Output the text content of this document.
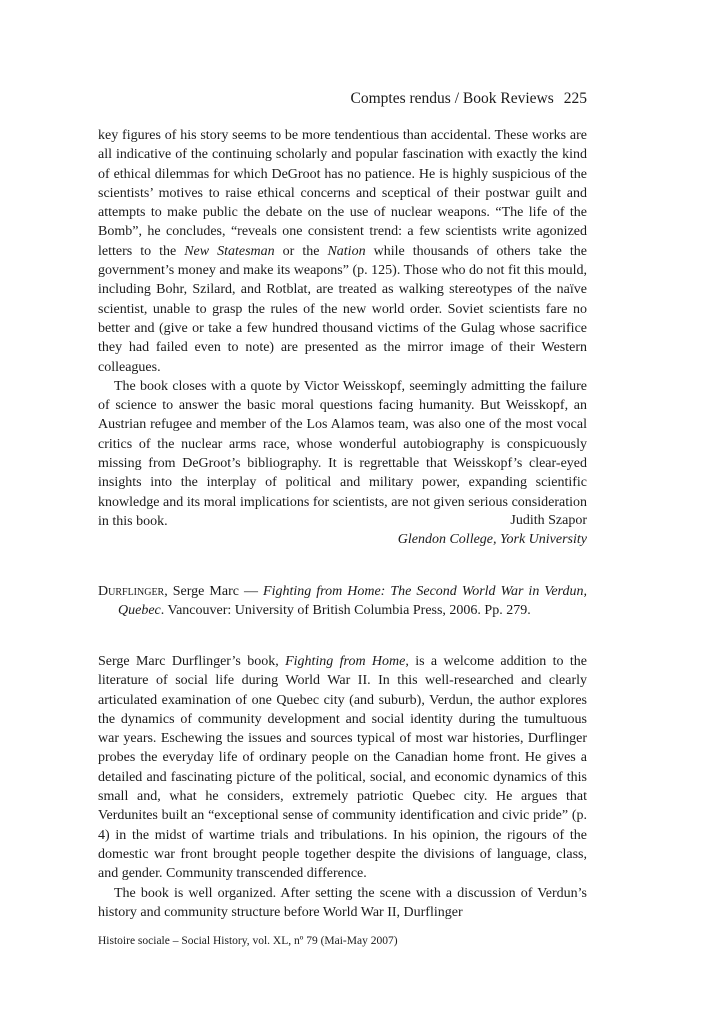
Comptes rendus / Book Reviews 225

key figures of his story seems to be more tendentious than accidental. These works are all indicative of the continuing scholarly and popular fascination with exactly the kind of ethical dilemmas for which DeGroot has no patience. He is highly suspicious of the scientists’ motives to raise ethical concerns and sceptical of their postwar guilt and attempts to make public the debate on the use of nuclear weapons. “The life of the Bomb”, he concludes, “reveals one consistent trend: a few scientists write agonized letters to the New Statesman or the Nation while thousands of others take the government’s money and make its weapons” (p. 125). Those who do not fit this mould, including Bohr, Szilard, and Rotblat, are treated as walking stereotypes of the naïve scientist, unable to grasp the rules of the new world order. Soviet scientists fare no better and (give or take a few hundred thousand victims of the Gulag whose sacrifice they had failed even to note) are presented as the mirror image of their Western colleagues.

The book closes with a quote by Victor Weisskopf, seemingly admitting the failure of science to answer the basic moral questions facing humanity. But Weisskopf, an Austrian refugee and member of the Los Alamos team, was also one of the most vocal critics of the nuclear arms race, whose wonderful autobiography is conspicuously missing from DeGroot’s bibliography. It is regrettable that Weisskopf’s clear-eyed insights into the interplay of political and military power, expanding scientific knowledge and its moral implications for scientists, are not given serious consideration in this book.	Judith Szapor
Glendon College, York University
Durflinger, Serge Marc — Fighting from Home: The Second World War in Verdun, Quebec. Vancouver: University of British Columbia Press, 2006. Pp. 279.

Serge Marc Durflinger’s book, Fighting from Home, is a welcome addition to the literature of social life during World War II. In this well-researched and clearly articulated examination of one Quebec city (and suburb), Verdun, the author explores the dynamics of community development and social identity during the tumultuous war years. Eschewing the issues and sources typical of most war histories, Durflinger probes the everyday life of ordinary people on the Canadian home front. He gives a detailed and fascinating picture of the political, social, and economic dynamics of this small and, what he considers, extremely patriotic Quebec city. He argues that Verdunites built an “exceptional sense of community identification and civic pride” (p. 4) in the midst of wartime trials and tribulations. In his opinion, the rigours of the domestic war front brought people together despite the divisions of language, class, and gender. Community transcended difference.

The book is well organized. After setting the scene with a discussion of Verdun’s history and community structure before World War II, Durflinger

Histoire sociale – Social History, vol. XL, nº 79 (Mai-May 2007)
